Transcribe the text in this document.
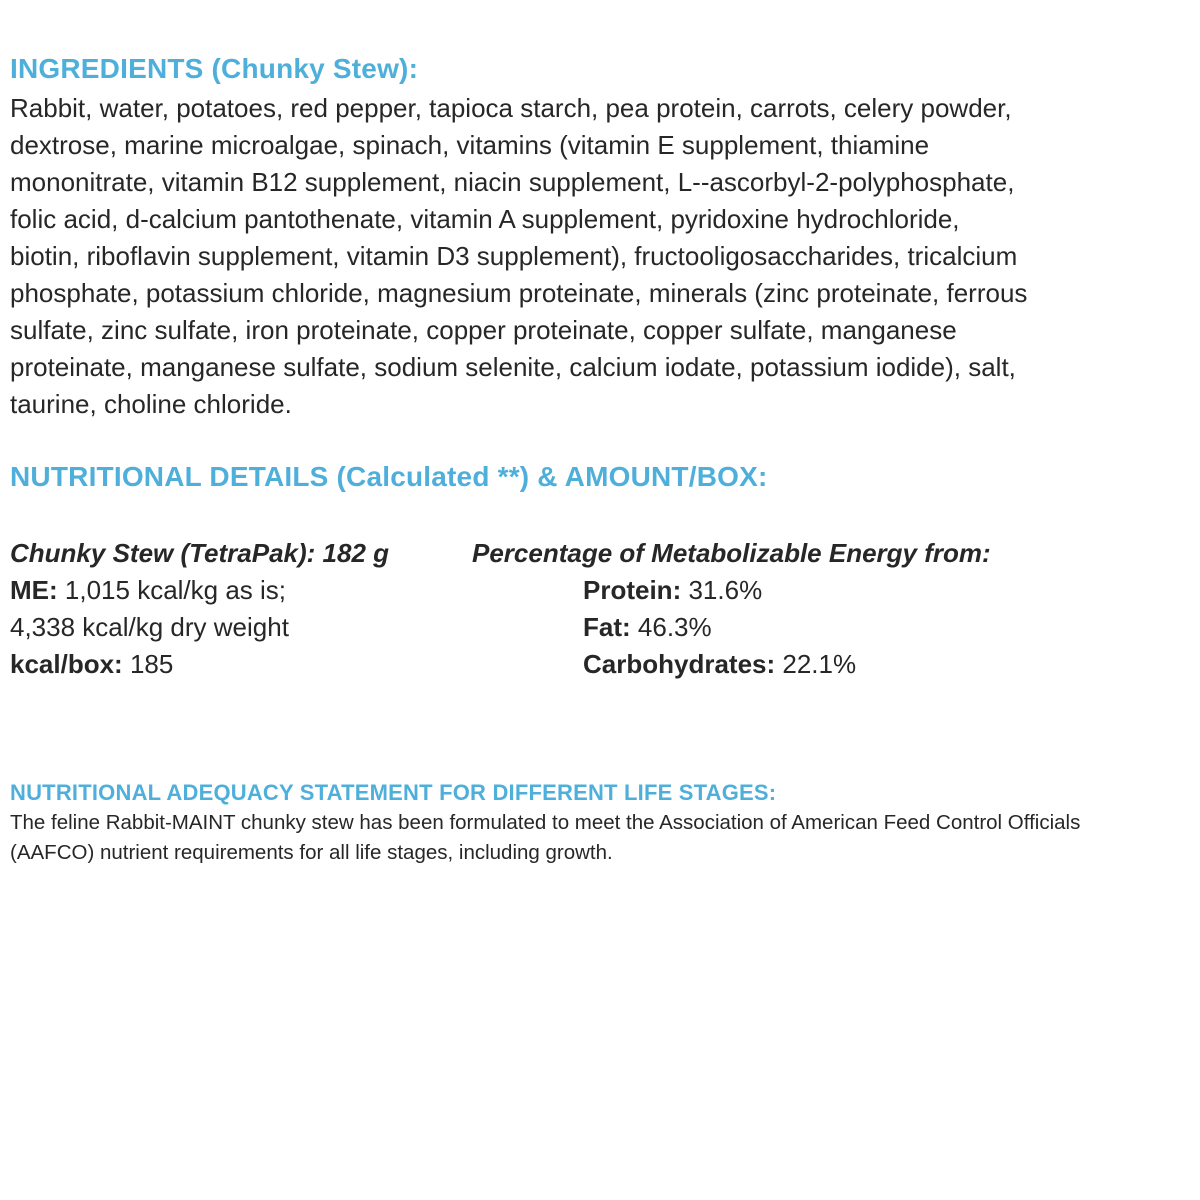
INGREDIENTS (Chunky Stew):
Rabbit, water, potatoes, red pepper, tapioca starch, pea protein, carrots, celery powder,
dextrose, marine microalgae, spinach, vitamins (vitamin E supplement, thiamine
mononitrate, vitamin B12 supplement, niacin supplement, L--ascorbyl-2-polyphosphate,
folic acid, d-calcium pantothenate, vitamin A supplement, pyridoxine hydrochloride,
biotin, riboflavin supplement, vitamin D3 supplement), fructooligosaccharides, tricalcium
phosphate, potassium chloride, magnesium proteinate, minerals (zinc proteinate, ferrous
sulfate, zinc sulfate, iron proteinate, copper proteinate, copper sulfate, manganese
proteinate, manganese sulfate, sodium selenite, calcium iodate, potassium iodide), salt,
taurine, choline chloride.
NUTRITIONAL DETAILS (Calculated **) & AMOUNT/BOX:
Chunky Stew (TetraPak): 182 g
ME: 1,015 kcal/kg as is;
4,338 kcal/kg dry weight
kcal/box: 185
Percentage of Metabolizable Energy from:
Protein: 31.6%
Fat: 46.3%
Carbohydrates: 22.1%
NUTRITIONAL ADEQUACY STATEMENT FOR DIFFERENT LIFE STAGES:
The feline Rabbit-MAINT chunky stew has been formulated to meet the Association of American Feed Control Officials
(AAFCO) nutrient requirements for all life stages, including growth.
